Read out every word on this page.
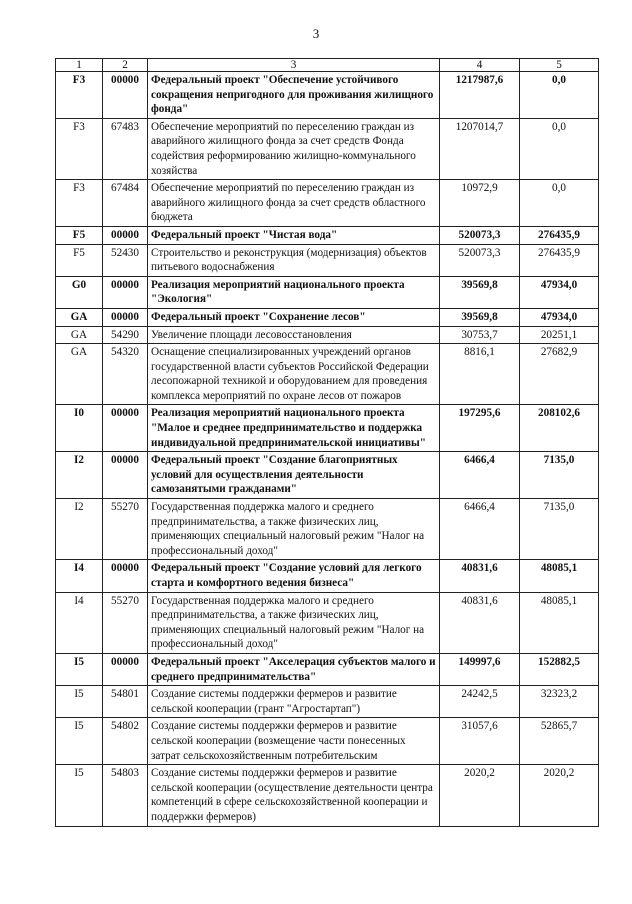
3
1	2	3	4	5
F3	00000	Федеральный проект "Обеспечение устойчивого сокращения непригодного для проживания жилищного фонда"	1217987,6	0,0
F3	67483	Обеспечение мероприятий по переселению граждан из аварийного жилищного фонда за счет средств Фонда содействия реформированию жилищно-коммунального хозяйства	1207014,7	0,0
F3	67484	Обеспечение мероприятий по переселению граждан из аварийного жилищного фонда за счет средств областного бюджета	10972,9	0,0
F5	00000	Федеральный проект "Чистая вода"	520073,3	276435,9
F5	52430	Строительство и реконструкция (модернизация) объектов питьевого водоснабжения	520073,3	276435,9
G0	00000	Реализация мероприятий национального проекта "Экология"	39569,8	47934,0
GA	00000	Федеральный проект "Сохранение лесов"	39569,8	47934,0
GA	54290	Увеличение площади лесовосстановления	30753,7	20251,1
GA	54320	Оснащение специализированных учреждений органов государственной власти субъектов Российской Федерации лесопожарной техникой и оборудованием для проведения комплекса мероприятий по охране лесов от пожаров	8816,1	27682,9
I0	00000	Реализация мероприятий национального проекта "Малое и среднее предпринимательство и поддержка индивидуальной предпринимательской инициативы"	197295,6	208102,6
I2	00000	Федеральный проект "Создание благоприятных условий для осуществления деятельности самозанятыми гражданами"	6466,4	7135,0
I2	55270	Государственная поддержка малого и среднего предпринимательства, а также физических лиц, применяющих специальный налоговый режим "Налог на профессиональный доход"	6466,4	7135,0
I4	00000	Федеральный проект "Создание условий для легкого старта и комфортного ведения бизнеса"	40831,6	48085,1
I4	55270	Государственная поддержка малого и среднего предпринимательства, а также физических лиц, применяющих специальный налоговый режим "Налог на профессиональный доход"	40831,6	48085,1
I5	00000	Федеральный проект "Акселерация субъектов малого и среднего предпринимательства"	149997,6	152882,5
I5	54801	Создание системы поддержки фермеров и развитие сельской кооперации (грант "Агростартап")	24242,5	32323,2
I5	54802	Создание системы поддержки фермеров и развитие сельской кооперации (возмещение части понесенных затрат сельскохозяйственным потребительским	31057,6	52865,7
I5	54803	Создание системы поддержки фермеров и развитие сельской кооперации (осуществление деятельности центра компетенций в сфере сельскохозяйственной кооперации и поддержки фермеров)	2020,2	2020,2
